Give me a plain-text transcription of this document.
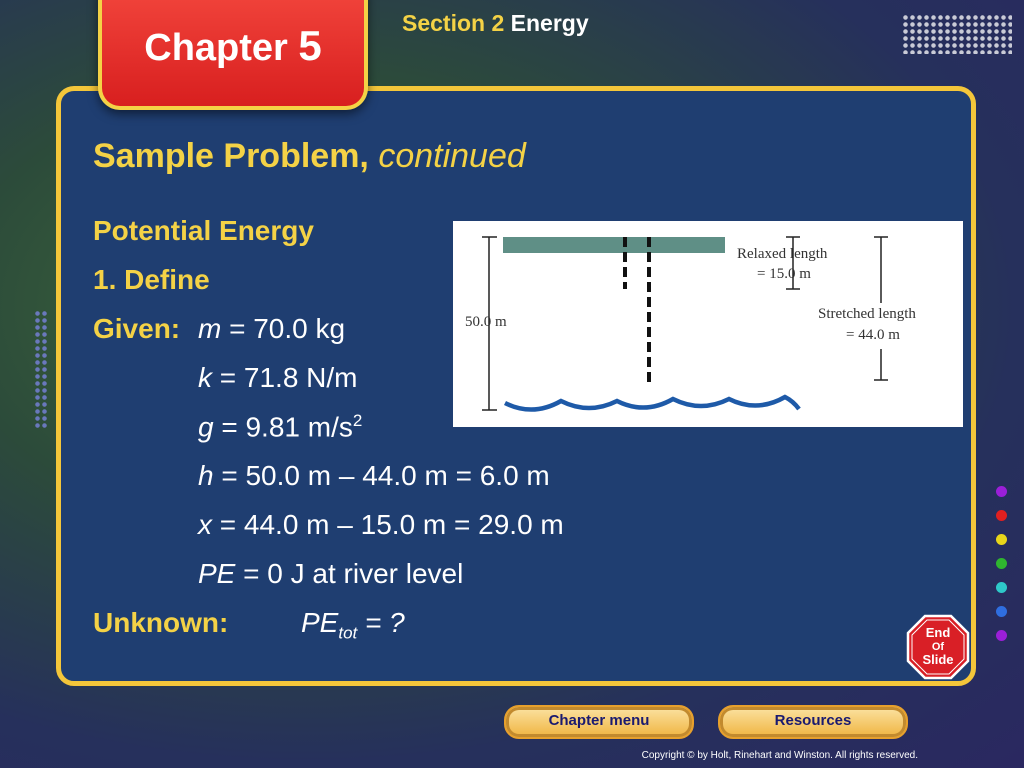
Chapter 5	Section 2 Energy
Sample Problem, continued
Potential Energy
1. Define
Given: m = 70.0 kg
k = 71.8 N/m
g = 9.81 $m/s^2$
h = 50.0 m – 44.0 m = 6.0 m
x = 44.0 m – 15.0 m = 29.0 m
PE = 0 J at river level
Unknown:	$PE_{tot}$ = ?
50.0 m
Relaxed length
= 15.0 m
Stretched length
= 44.0 m
End
Of
Slide
Chapter menu	Resources
Copyright © by Holt, Rinehart and Winston. All rights reserved.
